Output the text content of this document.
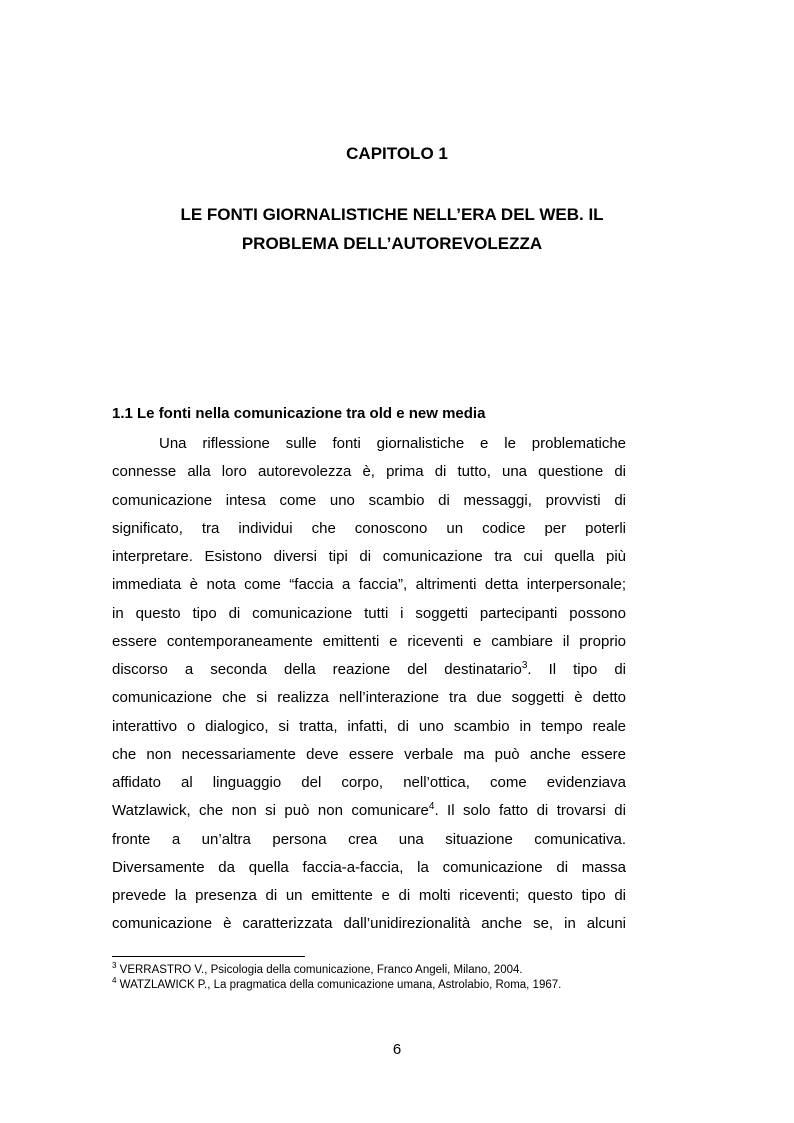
CAPITOLO 1
LE FONTI GIORNALISTICHE NELL’ERA DEL WEB. IL
PROBLEMA DELL’AUTOREVOLEZZA
1.1 Le fonti nella comunicazione tra old e new media
Una riflessione sulle fonti giornalistiche e le problematiche
connesse alla loro autorevolezza è, prima di tutto, una questione di
comunicazione intesa come uno scambio di messaggi, provvisti di
significato, tra individui che conoscono un codice per poterli
interpretare. Esistono diversi tipi di comunicazione tra cui quella più
immediata è nota come “faccia a faccia”, altrimenti detta interpersonale;
in questo tipo di comunicazione tutti i soggetti partecipanti possono
essere contemporaneamente emittenti e riceventi e cambiare il proprio
discorso a seconda della reazione del destinatario$^3$. Il tipo di
comunicazione che si realizza nell’interazione tra due soggetti è detto
interattivo o dialogico, si tratta, infatti, di uno scambio in tempo reale
che non necessariamente deve essere verbale ma può anche essere
affidato al linguaggio del corpo, nell’ottica, come evidenziava
Watzlawick, che non si può non comunicare$^4$. Il solo fatto di trovarsi di
fronte a un’altra persona crea una situazione comunicativa.
Diversamente da quella faccia-a-faccia, la comunicazione di massa
prevede la presenza di un emittente e di molti riceventi; questo tipo di
comunicazione è caratterizzata dall’unidirezionalità anche se, in alcuni

$^3$ VERRASTRO V., Psicologia della comunicazione, Franco Angeli, Milano, 2004.

$^4$ WATZLAWICK P., La pragmatica della comunicazione umana, Astrolabio, Roma, 1967.

6
